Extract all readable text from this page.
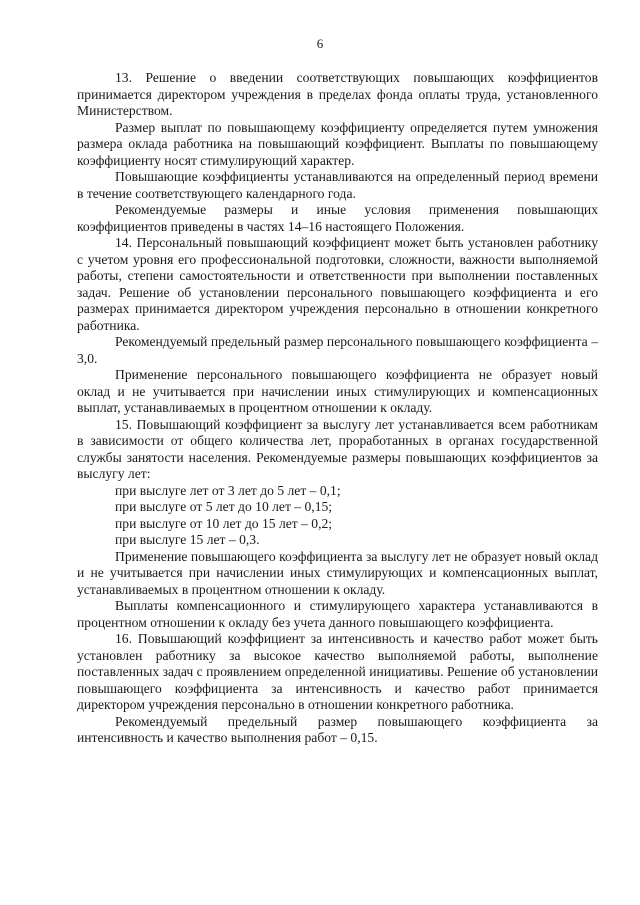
6

13. Решение о введении соответствующих повышающих коэффициентов принимается директором учреждения в пределах фонда оплаты труда, установленного Министерством.

Размер выплат по повышающему коэффициенту определяется путем умножения размера оклада работника на повышающий коэффициент. Выплаты по повышающему коэффициенту носят стимулирующий характер.

Повышающие коэффициенты устанавливаются на определенный период времени в течение соответствующего календарного года.

Рекомендуемые размеры и иные условия применения повышающих коэффициентов приведены в частях 14–16 настоящего Положения.

14. Персональный повышающий коэффициент может быть установлен работнику с учетом уровня его профессиональной подготовки, сложности, важности выполняемой работы, степени самостоятельности и ответственности при выполнении поставленных задач. Решение об установлении персонального повышающего коэффициента и его размерах принимается директором учреждения персонально в отношении конкретного работника.

Рекомендуемый предельный размер персонального повышающего коэффициента – 3,0.

Применение персонального повышающего коэффициента не образует новый оклад и не учитывается при начислении иных стимулирующих и компенсационных выплат, устанавливаемых в процентном отношении к окладу.

15. Повышающий коэффициент за выслугу лет устанавливается всем работникам в зависимости от общего количества лет, проработанных в органах государственной службы занятости населения. Рекомендуемые размеры повышающих коэффициентов за выслугу лет:

при выслуге лет от 3 лет до 5 лет – 0,1;

при выслуге от 5 лет до 10 лет – 0,15;

при выслуге от 10 лет до 15 лет – 0,2;

при выслуге 15 лет – 0,3.

Применение повышающего коэффициента за выслугу лет не образует новый оклад и не учитывается при начислении иных стимулирующих и компенсационных выплат, устанавливаемых в процентном отношении к окладу.

Выплаты компенсационного и стимулирующего характера устанавливаются в процентном отношении к окладу без учета данного повышающего коэффициента.

16. Повышающий коэффициент за интенсивность и качество работ может быть установлен работнику за высокое качество выполняемой работы, выполнение поставленных задач с проявлением определенной инициативы. Решение об установлении повышающего коэффициента за интенсивность и качество работ принимается директором учреждения персонально в отношении конкретного работника.

Рекомендуемый предельный размер повышающего коэффициента за интенсивность и качество выполнения работ – 0,15.
